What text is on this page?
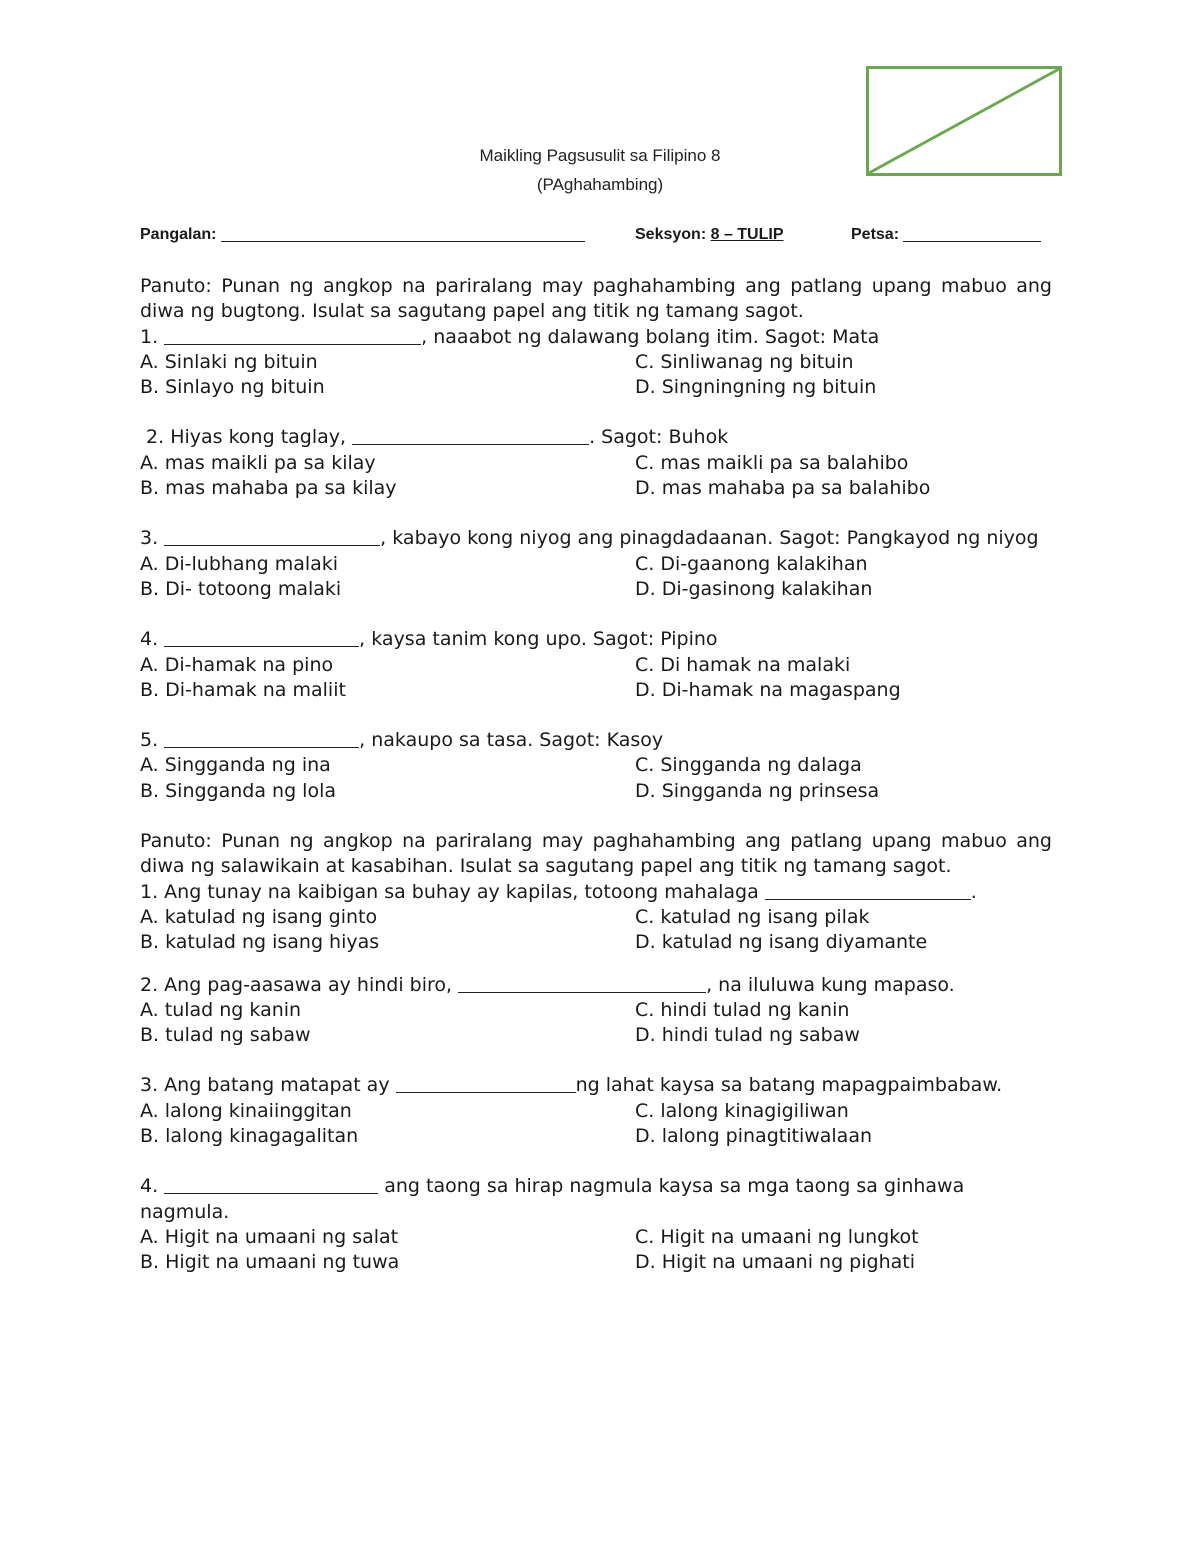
Maikling Pagsusulit sa Filipino 8
(PAghahambing)
Pangalan:	Seksyon: 8 – TULIP	Petsa:
Panuto: Punan ng angkop na pariralang may paghahambing ang patlang upang mabuo ang diwa ng bugtong. Isulat sa sagutang papel ang titik ng tamang sagot.
1.	, naaabot ng dalawang bolang itim. Sagot: Mata
A. Sinlaki ng bituin	C. Sinliwanag ng bituin
B. Sinlayo ng bituin	D. Singningning ng bituin
2. Hiyas kong taglay,	. Sagot: Buhok
A. mas maikli pa sa kilay	C. mas maikli pa sa balahibo
B. mas mahaba pa sa kilay	D. mas mahaba pa sa balahibo
3.	, kabayo kong niyog ang pinagdadaanan. Sagot: Pangkayod ng niyog
A. Di-lubhang malaki	C. Di-gaanong kalakihan
B. Di- totoong malaki	D. Di-gasinong kalakihan
4.	, kaysa tanim kong upo. Sagot: Pipino
A. Di-hamak na pino	C. Di hamak na malaki
B. Di-hamak na maliit	D. Di-hamak na magaspang
5.	, nakaupo sa tasa. Sagot: Kasoy
A. Singganda ng ina	C. Singganda ng dalaga
B. Singganda ng lola	D. Singganda ng prinsesa
Panuto: Punan ng angkop na pariralang may paghahambing ang patlang upang mabuo ang diwa ng salawikain at kasabihan. Isulat sa sagutang papel ang titik ng tamang sagot.
1. Ang tunay na kaibigan sa buhay ay kapilas, totoong mahalaga	.
A. katulad ng isang ginto	C. katulad ng isang pilak
B. katulad ng isang hiyas	D. katulad ng isang diyamante
2. Ang pag-aasawa ay hindi biro,	, na iluluwa kung mapaso.
A. tulad ng kanin	C. hindi tulad ng kanin
B. tulad ng sabaw	D. hindi tulad ng sabaw
3. Ang batang matapat ay	ng lahat kaysa sa batang mapagpaimbabaw.
A. lalong kinaiinggitan	C. lalong kinagigiliwan
B. lalong kinagagalitan	D. lalong pinagtitiwalaan
4.	ang taong sa hirap nagmula kaysa sa mga taong sa ginhawa nagmula.
A. Higit na umaani ng salat	C. Higit na umaani ng lungkot
B. Higit na umaani ng tuwa	D. Higit na umaani ng pighati
